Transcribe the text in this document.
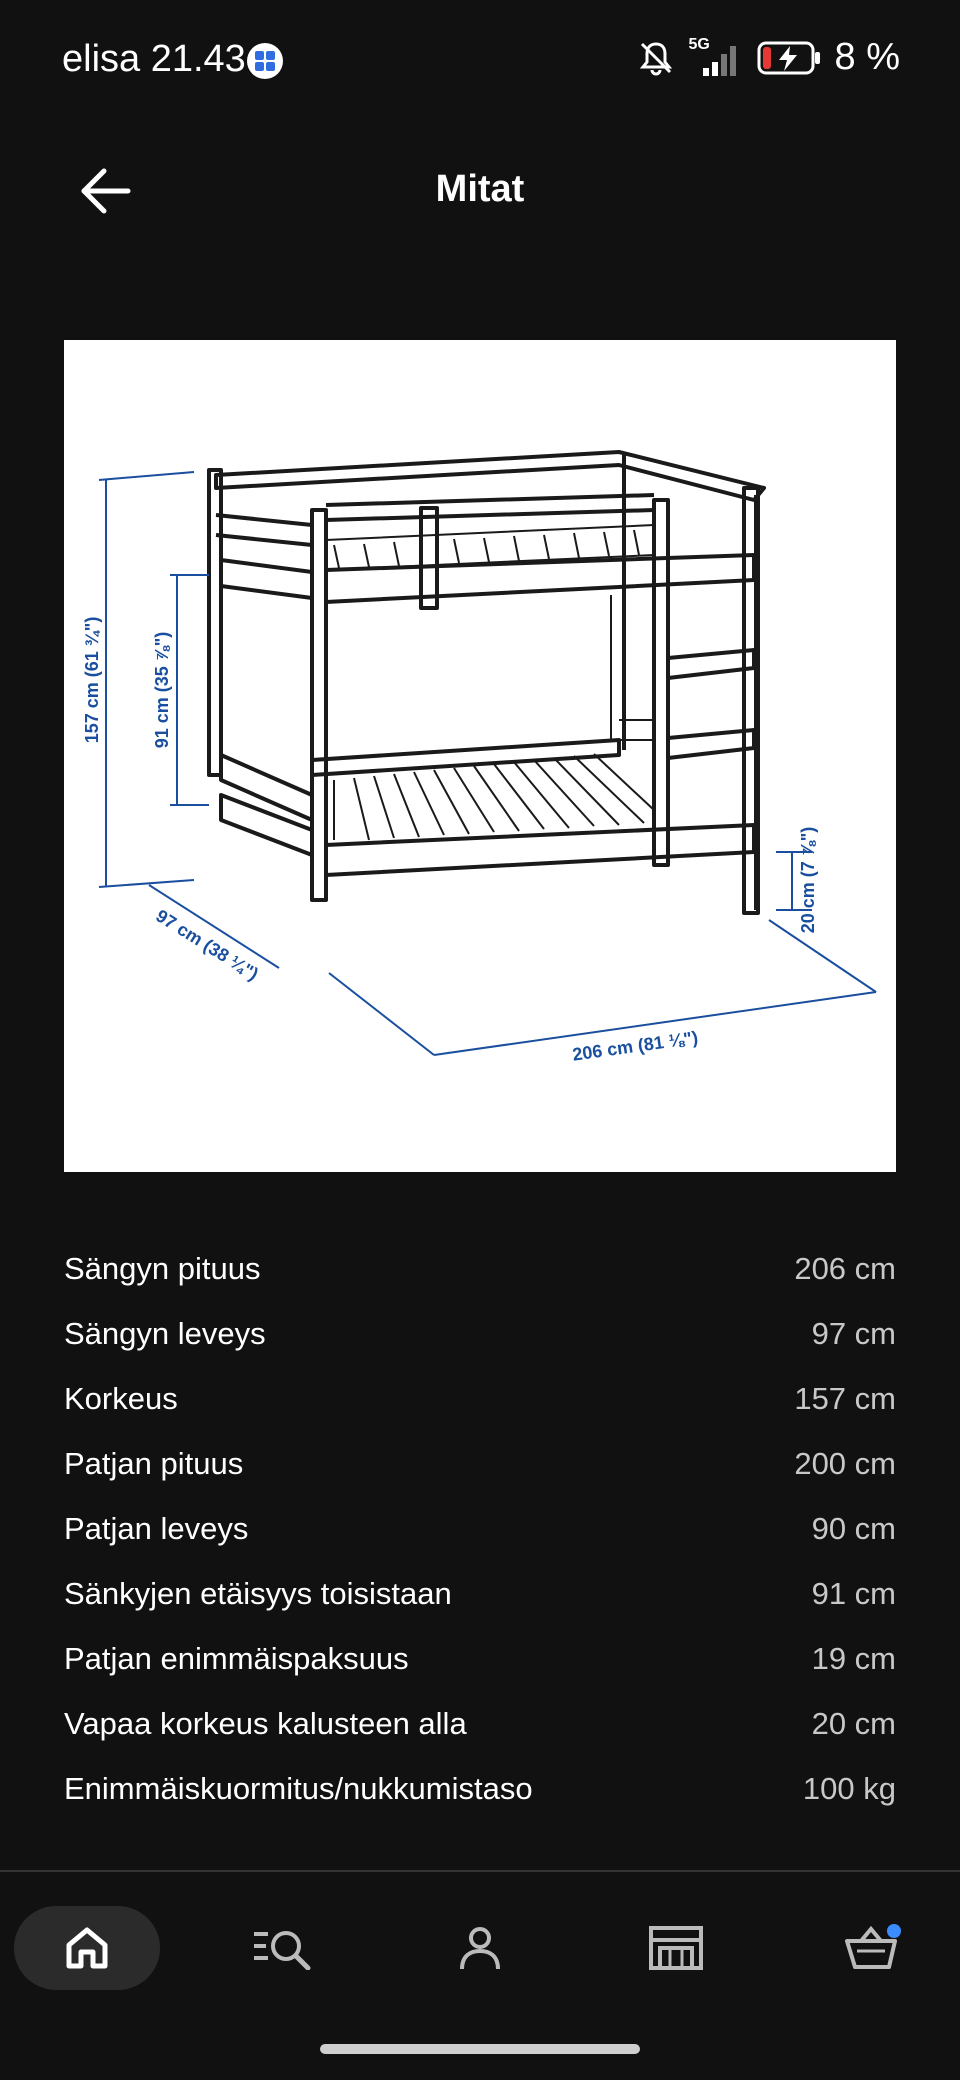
elisa 21.43	5G	8 %
Mitat
157 cm (61 ¾")	91 cm (35 ⅞")
97 cm (38 ¼")
206 cm (81 ⅛")
20 cm (7 ⅞")
Sängyn pituus	206 cm
Sängyn leveys	97 cm
Korkeus	157 cm
Patjan pituus	200 cm
Patjan leveys	90 cm
Sänkyjen etäisyys toisistaan	91 cm
Patjan enimmäispaksuus	19 cm
Vapaa korkeus kalusteen alla	20 cm
Enimmäiskuormitus/nukkumistaso	100 kg
